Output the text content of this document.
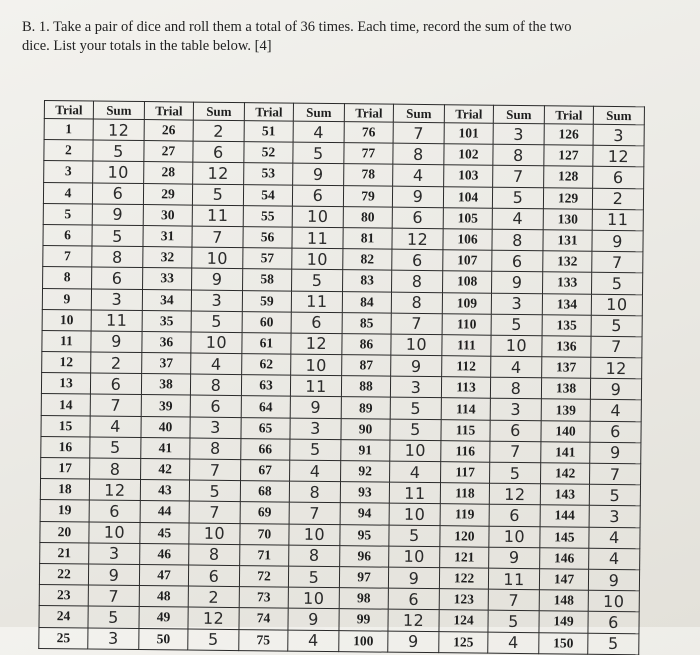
B. 1. Take a pair of dice and roll them a total of 36 times. Each time, record the sum of the two
dice. List your totals in the table below. [4]
Trial	Sum	Trial	Sum	Trial	Sum	Trial	Sum	Trial	Sum	Trial	Sum
1	12	26	2	51	4	76	7	101	3	126	3
2	5	27	6	52	5	77	8	102	8	127	12
3	10	28	12	53	9	78	4	103	7	128	6
4	6	29	5	54	6	79	9	104	5	129	2
5	9	30	11	55	10	80	6	105	4	130	11
6	5	31	7	56	11	81	12	106	8	131	9
7	8	32	10	57	10	82	6	107	6	132	7
8	6	33	9	58	5	83	8	108	9	133	5
9	3	34	3	59	11	84	8	109	3	134	10
10	11	35	5	60	6	85	7	110	5	135	5
11	9	36	10	61	12	86	10	111	10	136	7
12	2	37	4	62	10	87	9	112	4	137	12
13	6	38	8	63	11	88	3	113	8	138	9
14	7	39	6	64	9	89	5	114	3	139	4
15	4	40	3	65	3	90	5	115	6	140	6
16	5	41	8	66	5	91	10	116	7	141	9
17	8	42	7	67	4	92	4	117	5	142	7
18	12	43	5	68	8	93	11	118	12	143	5
19	6	44	7	69	7	94	10	119	6	144	3
20	10	45	10	70	10	95	5	120	10	145	4
21	3	46	8	71	8	96	10	121	9	146	4
22	9	47	6	72	5	97	9	122	11	147	9
23	7	48	2	73	10	98	6	123	7	148	10
24	5	49	12	74	9	99	12	124	5	149	6
25	3	50	5	75	4	100	9	125	4	150	5
